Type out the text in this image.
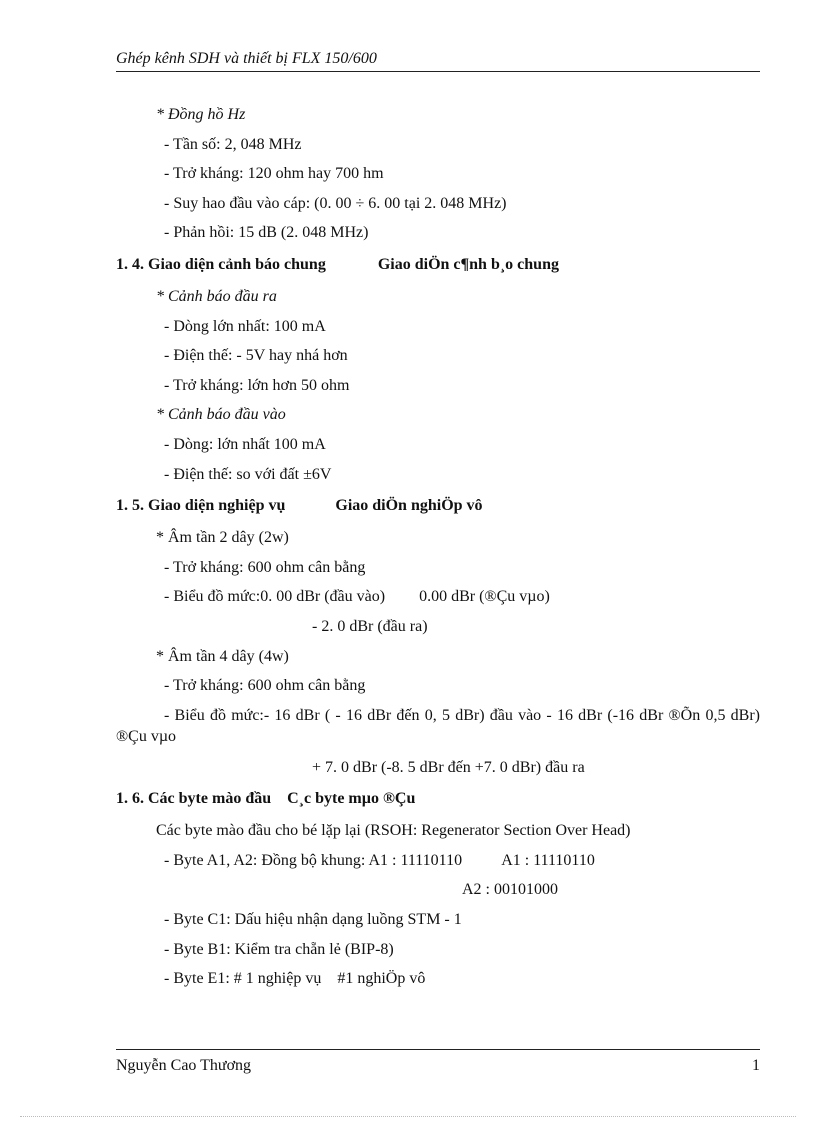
Ghép kênh SDH và thiết bị FLX 150/600
* Đồng hồ Hz
- Tần số: 2, 048 MHz
- Trở kháng: 120 ohm hay 700 hm
- Suy hao đầu vào cáp: (0. 00 ÷ 6. 00 tại 2. 048 MHz)
- Phản hồi: 15 dB (2. 048 MHz)
1. 4. Giao diện cảnh báo chung	Giao diÖn c¶nh b¸o chung
* Cảnh báo đầu ra
- Dòng lớn nhất: 100 mA
- Điện thế: - 5V hay nhá hơn
- Trở kháng: lớn hơn 50 ohm
* Cảnh báo đầu vào
- Dòng: lớn nhất 100 mA
- Điện thế: so với đất ±6V
1. 5. Giao diện nghiệp vụ	Giao diÖn nghiÖp vô
* Âm tần 2 dây (2w)
- Trở kháng: 600 ohm cân bằng
- Biểu đồ mức:0. 00 dBr (đầu vào) 0.00 dBr (®Çu vµo)
- 2. 0 dBr (đầu ra)
* Âm tần 4 dây (4w)
- Trở kháng: 600 ohm cân bằng
- Biểu đồ mức:- 16 dBr ( - 16 dBr đến 0, 5 dBr) đầu vào - 16 dBr (-16 dBr ®Õn 0,5 dBr) ®Çu vµo
+ 7. 0 dBr (-8. 5 dBr đến +7. 0 dBr) đầu ra
1. 6. Các byte mào đầu C¸c byte mµo ®Çu
Các byte mào đầu cho bé lặp lại (RSOH: Regenerator Section Over Head)
- Byte A1, A2: Đồng bộ khung: A1 : 11110110 A1 : 11110110
A2 : 00101000
- Byte C1: Dấu hiệu nhận dạng luồng STM - 1
- Byte B1: Kiểm tra chẵn lẻ (BIP-8)
- Byte E1: # 1 nghiệp vụ #1 nghiÖp vô
Nguyễn Cao Thương	1
